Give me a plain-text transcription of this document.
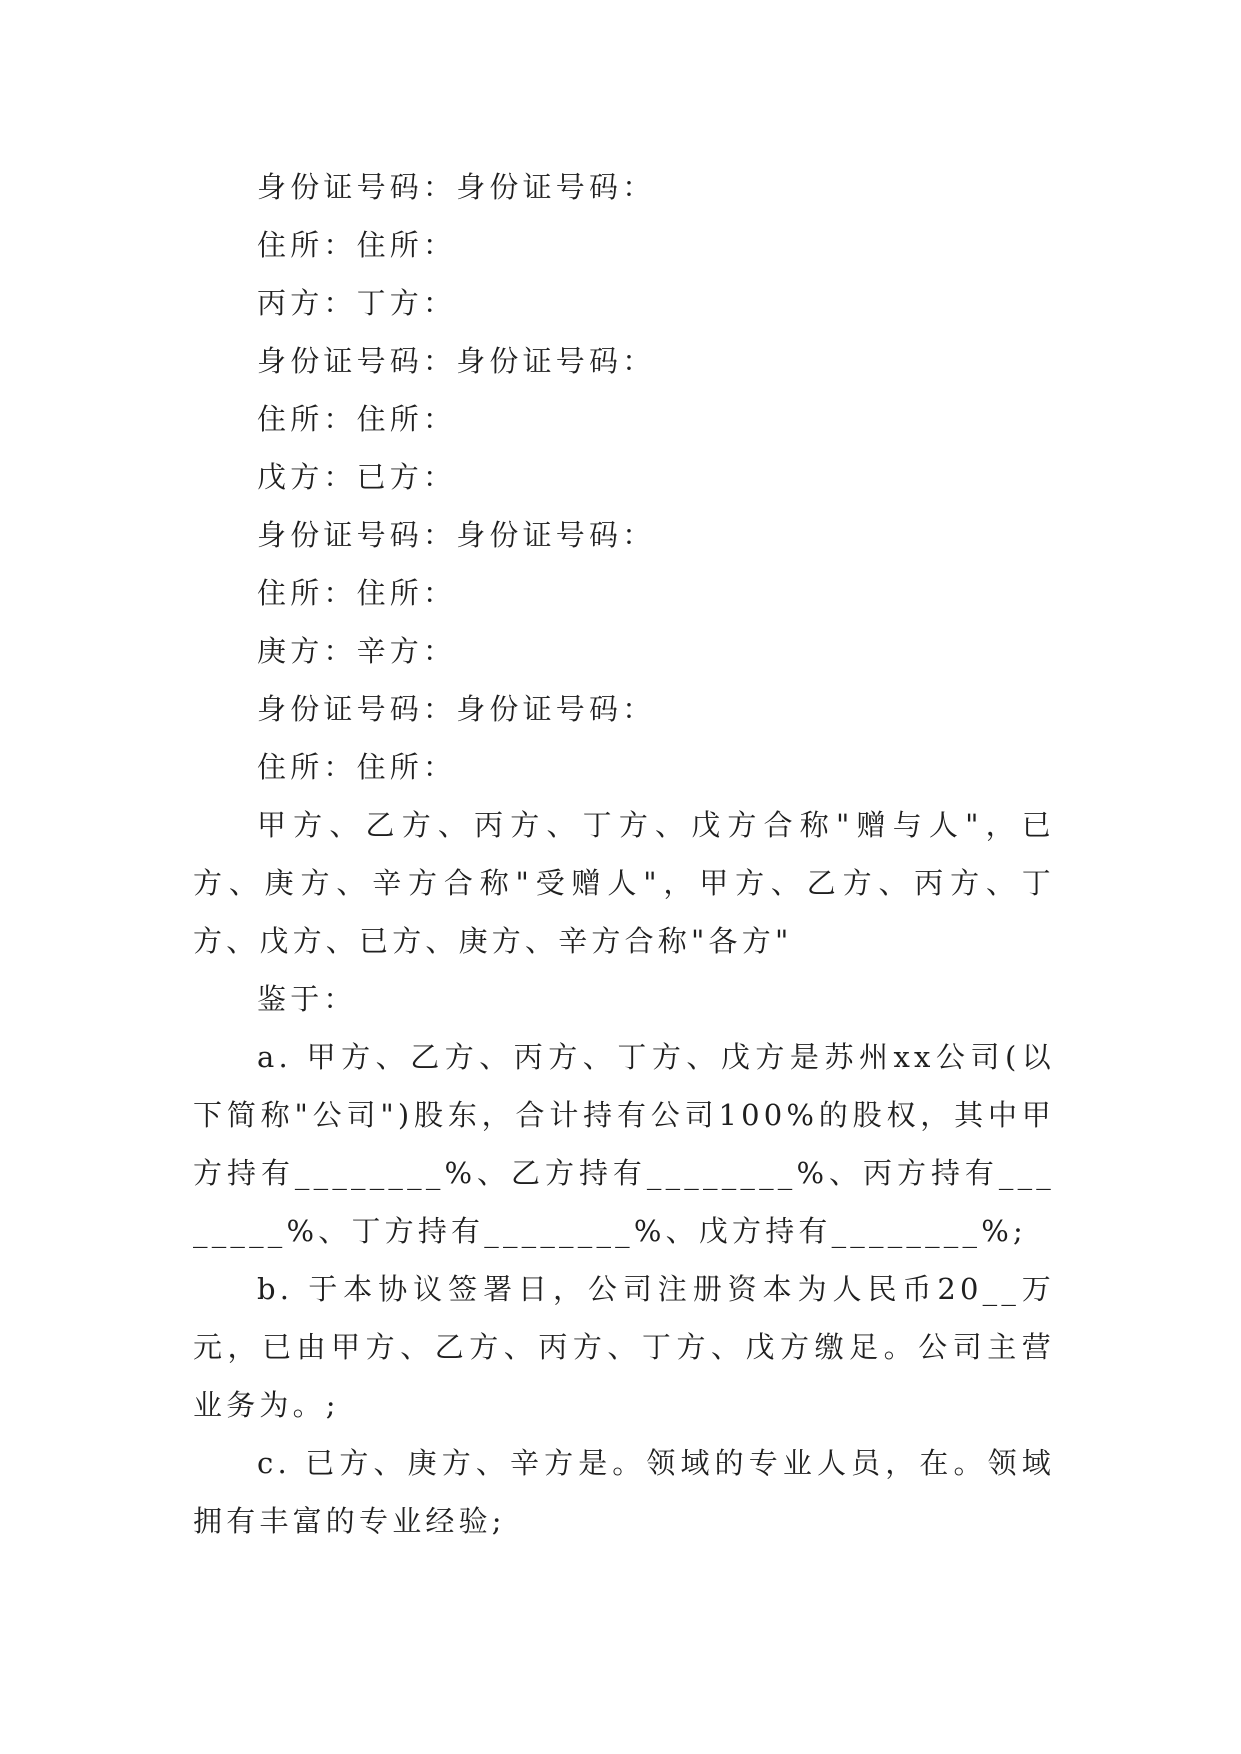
身份证号码：身份证号码：

住所：住所：

丙方：丁方：

身份证号码：身份证号码：

住所：住所：

戊方：已方：

身份证号码：身份证号码：

住所：住所：

庚方：辛方：

身份证号码：身份证号码：

住所：住所：

甲方、乙方、丙方、丁方、戊方合称"赠与人"，已方、庚方、辛方合称"受赠人"，甲方、乙方、丙方、丁方、戊方、已方、庚方、辛方合称"各方"

鉴于：

a. 甲方、乙方、丙方、丁方、戊方是苏州xx公司(以下简称"公司")股东，合计持有公司100%的股权，其中甲方持有________%、乙方持有________%、丙方持有________%、丁方持有________%、戊方持有________%;

b. 于本协议签署日，公司注册资本为人民币20__万元，已由甲方、乙方、丙方、丁方、戊方缴足。公司主营业务为。;

c. 已方、庚方、辛方是。领域的专业人员，在。领域拥有丰富的专业经验;
